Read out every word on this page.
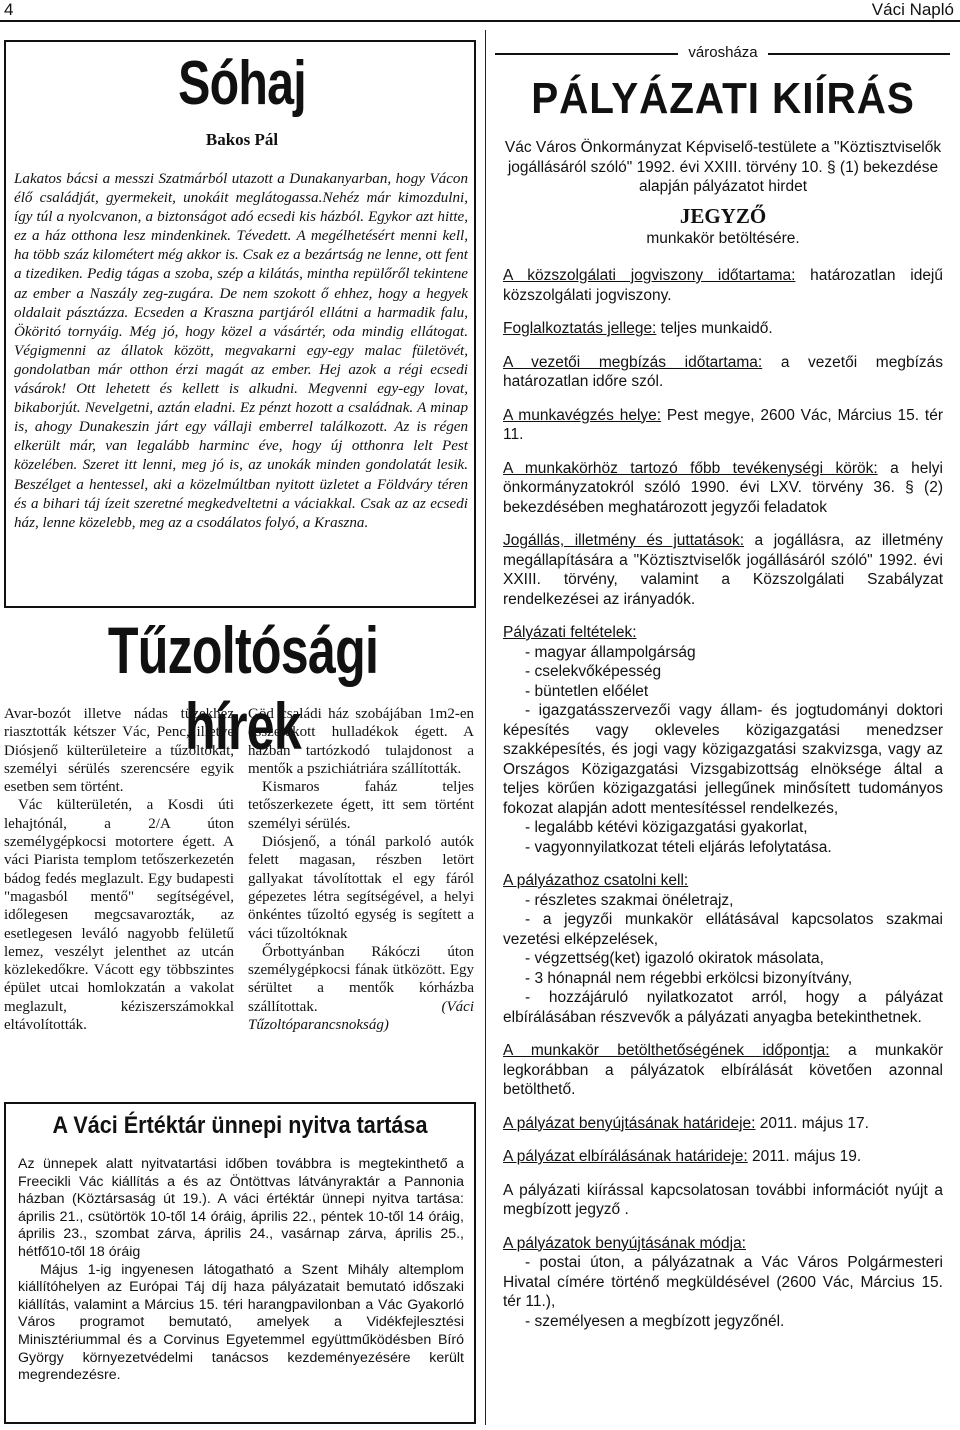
4	Váci Napló
Sóhaj
Bakos Pál
Lakatos bácsi a messzi Szatmárból utazott a Dunakanyarban, hogy Vácon élő családját, gyermekeit, unokáit meglátogassa.Nehéz már kimozdulni, így túl a nyolcvanon, a biztonságot adó ecsedi kis házból. Egykor azt hitte, ez a ház otthona lesz mindenkinek. Tévedett. A megélhetésért menni kell, ha több száz kilométert még akkor is. Csak ez a bezártság ne lenne, ott fent a tizediken. Pedig tágas a szoba, szép a kilátás, mintha repülőről tekintene az ember a Naszály zeg-zugára. De nem szokott ő ehhez, hogy a hegyek oldalait pásztázza. Ecseden a Kraszna partjáról ellátni a harmadik falu, Ököritó tornyáig. Még jó, hogy közel a vásártér, oda mindig ellátogat. Végigmenni az állatok között, megvakarni egy-egy malac fületövét, gondolatban már otthon érzi magát az ember. Hej azok a régi ecsedi vásárok! Ott lehetett és kellett is alkudni. Megvenni egy-egy lovat, bikaborjút. Nevelgetni, aztán eladni. Ez pénzt hozott a családnak. A minap is, ahogy Dunakeszin járt egy vállaji emberrel találkozott. Az is régen elkerült már, van legalább harminc éve, hogy új otthonra lelt Pest közelében. Szeret itt lenni, meg jó is, az unokák minden gondolatát lesik. Beszélget a hentessel, aki a közelmúltban nyitott üzletet a Földváry téren és a bihari táj ízeit szeretné megkedveltetni a váciakkal. Csak az az ecsedi ház, lenne közelebb, meg az a csodálatos folyó, a Kraszna.
Tűzoltósági hírek

Avar-bozót illetve nádas tüzekhez riasztották kétszer Vác, Penc, illetve Diósjenő külterületeire a tűzoltókat, személyi sérülés szerencsére egyik esetben sem történt.

Vác külterületén, a Kosdi úti lehajtónál, a 2/A úton személygépkocsi motortere égett. A váci Piarista templom tetőszerkezetén bádog fedés meglazult. Egy budapesti "magasból mentő" segítségével, időlegesen megcsavarozták, az esetlegesen leváló nagyobb felületű lemez, veszélyt jelenthet az utcán közlekedőkre. Vácott egy többszintes épület utcai homlokzatán a vakolat meglazult, kéziszerszámokkal eltávolították.

Göd családi ház szobájában 1m2-en összerakott hulladékok égett. A házban tartózkodó tulajdonost a mentők a pszichiátriára szállították.

Kismaros faház teljes tetőszerkezete égett, itt sem történt személyi sérülés.

Diósjenő, a tónál parkoló autók felett magasan, részben letört gallyakat távolítottak el egy fáról gépezetes létra segítségével, a helyi önkéntes tűzoltó egység is segített a váci tűzoltóknak

Őrbottyánban Rákóczi úton személygépkocsi fának ütközött. Egy sérültet a mentők kórházba szállítottak.	(Váci Tűzoltóparancsnokság)

A Váci Értéktár ünnepi nyitva tartása

Az ünnepek alatt nyitvatartási időben továbbra is megtekinthető a Freecikli Vác kiállítás a és az Öntöttvas látványraktár a Pannonia házban (Köztársaság út 19.). A váci értéktár ünnepi nyitva tartása: április 21., csütörtök 10-től 14 óráig, április 22., péntek 10-től 14 óráig, április 23., szombat zárva, április 24., vasárnap zárva, április 25., hétfő10-től 18 óráig

Május 1-ig ingyenesen látogatható a Szent Mihály altemplom kiállítóhelyen az Európai Táj díj haza pályázatait bemutató időszaki kiállítás, valamint a Március 15. téri harangpavilonban a Vác Gyakorló Város programot bemutató, amelyek a Vidékfejlesztési Minisztériummal és a Corvinus Egyetemmel együttműködésben Bíró György környezetvédelmi tanácsos kezdeményezésére került megrendezésre.

városháza
PÁLYÁZATI KIÍRÁS
Vác Város Önkormányzat Képviselő-testülete a "Köztisztviselők jogállásáról szóló" 1992. évi XXIII. törvény 10. § (1) bekezdése alapján pályázatot hirdet
JEGYZŐ
munkakör betöltésére.
A közszolgálati jogviszony időtartama: határozatlan idejű közszolgálati jogviszony.
Foglalkoztatás jellege: teljes munkaidő.
A vezetői megbízás időtartama: a vezetői megbízás határozatlan időre szól.
A munkavégzés helye: Pest megye, 2600 Vác, Március 15. tér 11.
A munkakörhöz tartozó főbb tevékenységi körök: a helyi önkormányzatokról szóló 1990. évi LXV. törvény 36. § (2) bekezdésében meghatározott jegyzői feladatok
Jogállás, illetmény és juttatások: a jogállásra, az illetmény megállapítására a "Köztisztviselők jogállásáról szóló" 1992. évi XXIII. törvény, valamint a Közszolgálati Szabályzat rendelkezései az irányadók.
Pályázati feltételek:
- magyar állampolgárság
- cselekvőképesség
- büntetlen előélet
- igazgatásszervezői vagy állam- és jogtudományi doktori képesítés vagy okleveles közigazgatási menedzser szakképesítés, és jogi vagy közigazgatási szakvizsga, vagy az Országos Közigazgatási Vizsgabizottság elnöksége által a teljes körűen közigazgatási jellegűnek minősített tudományos fokozat alapján adott mentesítéssel rendelkezés,
- legalább kétévi közigazgatási gyakorlat,
- vagyonnyilatkozat tételi eljárás lefolytatása.
A pályázathoz csatolni kell:
- részletes szakmai önéletrajz,
- a jegyzői munkakör ellátásával kapcsolatos szakmai vezetési elképzelések,
- végzettség(ket) igazoló okiratok másolata,
- 3 hónapnál nem régebbi erkölcsi bizonyítvány,
- hozzájáruló nyilatkozatot arról, hogy a pályázat elbírálásában részvevők a pályázati anyagba betekinthetnek.
A munkakör betölthetőségének időpontja: a munkakör legkorábban a pályázatok elbírálását követően azonnal betölthető.
A pályázat benyújtásának határideje: 2011. május 17.
A pályázat elbírálásának határideje: 2011. május 19.
A pályázati kiírással kapcsolatosan további információt nyújt a megbízott jegyző .
A pályázatok benyújtásának módja:
- postai úton, a pályázatnak a Vác Város Polgármesteri Hivatal címére történő megküldésével (2600 Vác, Március 15. tér 11.),
- személyesen a megbízott jegyzőnél.
